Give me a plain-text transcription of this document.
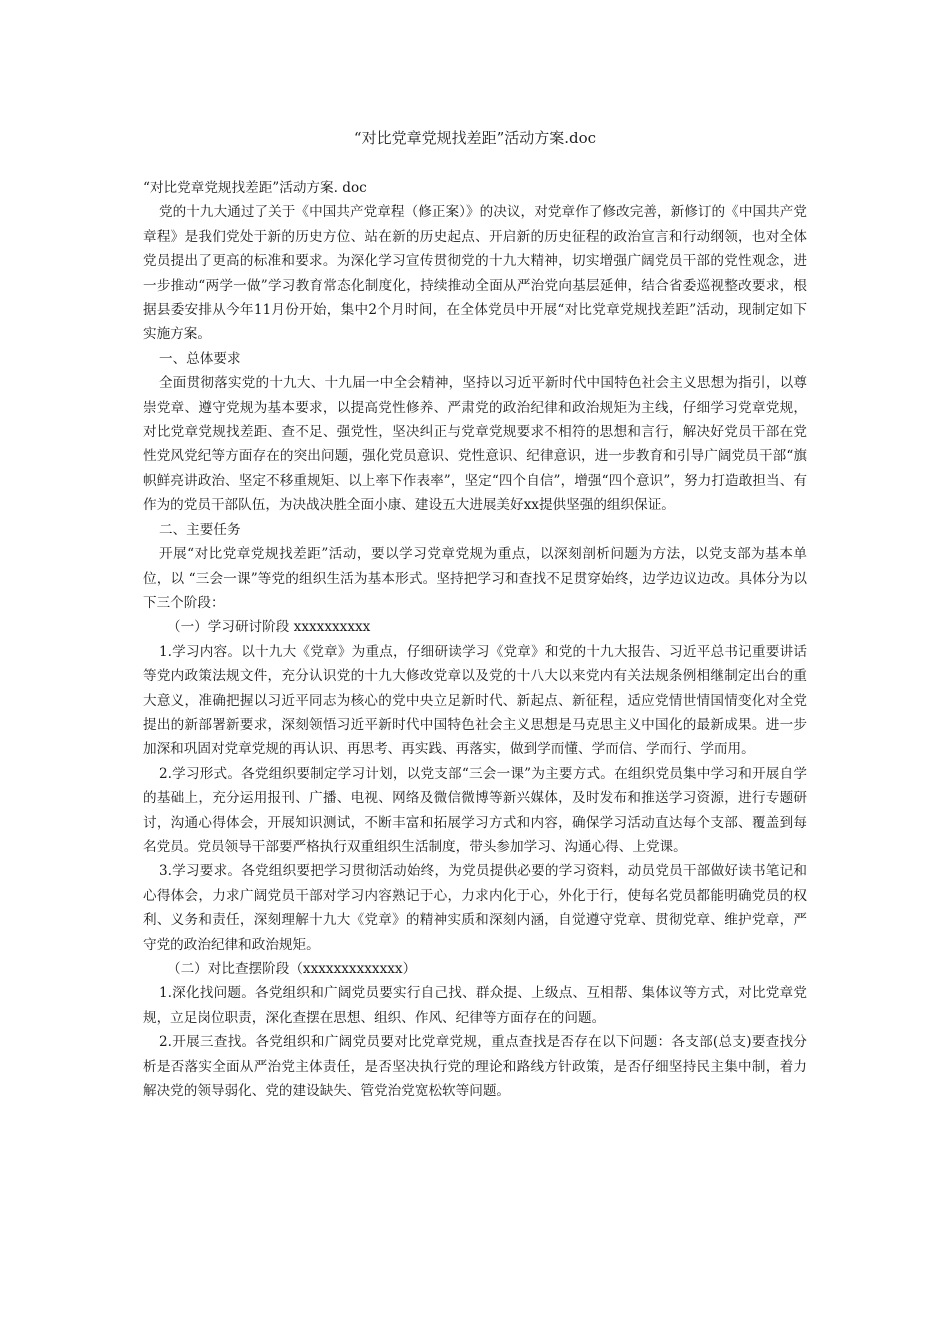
“对比党章党规找差距”活动方案.doc

“对比党章党规找差距”活动方案. doc

党的十九大通过了关于《中国共产党章程（修正案）》的决议，对党章作了修改完善，新修订的《中国共产党章程》是我们党处于新的历史方位、站在新的历史起点、开启新的历史征程的政治宣言和行动纲领，也对全体党员提出了更高的标准和要求。为深化学习宣传贯彻党的十九大精神，切实增强广阔党员干部的党性观念，进一步推动“两学一做”学习教育常态化制度化，持续推动全面从严治党向基层延伸，结合省委巡视整改要求，根据县委安排从今年11月份开始，集中2个月时间，在全体党员中开展“对比党章党规找差距”活动，现制定如下实施方案。

一、总体要求

全面贯彻落实党的十九大、十九届一中全会精神，坚持以习近平新时代中国特色社会主义思想为指引，以尊崇党章、遵守党规为基本要求，以提高党性修养、严肃党的政治纪律和政治规矩为主线，仔细学习党章党规，对比党章党规找差距、查不足、强党性，坚决纠正与党章党规要求不相符的思想和言行，解决好党员干部在党性党风党纪等方面存在的突出问题，强化党员意识、党性意识、纪律意识，进一步教育和引导广阔党员干部“旗帜鲜亮讲政治、坚定不移重规矩、以上率下作表率”，坚定“四个自信”，增强“四个意识”，努力打造敢担当、有作为的党员干部队伍，为决战决胜全面小康、建设五大进展美好xx提供坚强的组织保证。

二、主要任务

开展“对比党章党规找差距”活动，要以学习党章党规为重点，以深刻剖析问题为方法，以党支部为基本单位，以 “三会一课”等党的组织生活为基本形式。坚持把学习和查找不足贯穿始终，边学边议边改。具体分为以下三个阶段：

（一）学习研讨阶段 xxxxxxxxxx

1.学习内容。以十九大《党章》为重点，仔细研读学习《党章》和党的十九大报告、习近平总书记重要讲话等党内政策法规文件，充分认识党的十九大修改党章以及党的十八大以来党内有关法规条例相继制定出台的重大意义，准确把握以习近平同志为核心的党中央立足新时代、新起点、新征程，适应党情世情国情变化对全党提出的新部署新要求，深刻领悟习近平新时代中国特色社会主义思想是马克思主义中国化的最新成果。进一步加深和巩固对党章党规的再认识、再思考、再实践、再落实，做到学而懂、学而信、学而行、学而用。

2.学习形式。各党组织要制定学习计划，以党支部“三会一课”为主要方式。在组织党员集中学习和开展自学的基础上，充分运用报刊、广播、电视、网络及微信微博等新兴媒体，及时发布和推送学习资源，进行专题研讨，沟通心得体会，开展知识测试，不断丰富和拓展学习方式和内容，确保学习活动直达每个支部、覆盖到每名党员。党员领导干部要严格执行双重组织生活制度，带头参加学习、沟通心得、上党课。

3.学习要求。各党组织要把学习贯彻活动始终，为党员提供必要的学习资料，动员党员干部做好读书笔记和心得体会，力求广阔党员干部对学习内容熟记于心，力求内化于心，外化于行，使每名党员都能明确党员的权利、义务和责任，深刻理解十九大《党章》的精神实质和深刻内涵，自觉遵守党章、贯彻党章、维护党章，严守党的政治纪律和政治规矩。

（二）对比查摆阶段（xxxxxxxxxxxxx）

1.深化找问题。各党组织和广阔党员要实行自己找、群众提、上级点、互相帮、集体议等方式，对比党章党规，立足岗位职责，深化查摆在思想、组织、作风、纪律等方面存在的问题。

2.开展三查找。各党组织和广阔党员要对比党章党规，重点查找是否存在以下问题：各支部(总支)要查找分析是否落实全面从严治党主体责任，是否坚决执行党的理论和路线方针政策，是否仔细坚持民主集中制，着力解决党的领导弱化、党的建设缺失、管党治党宽松软等问题。
